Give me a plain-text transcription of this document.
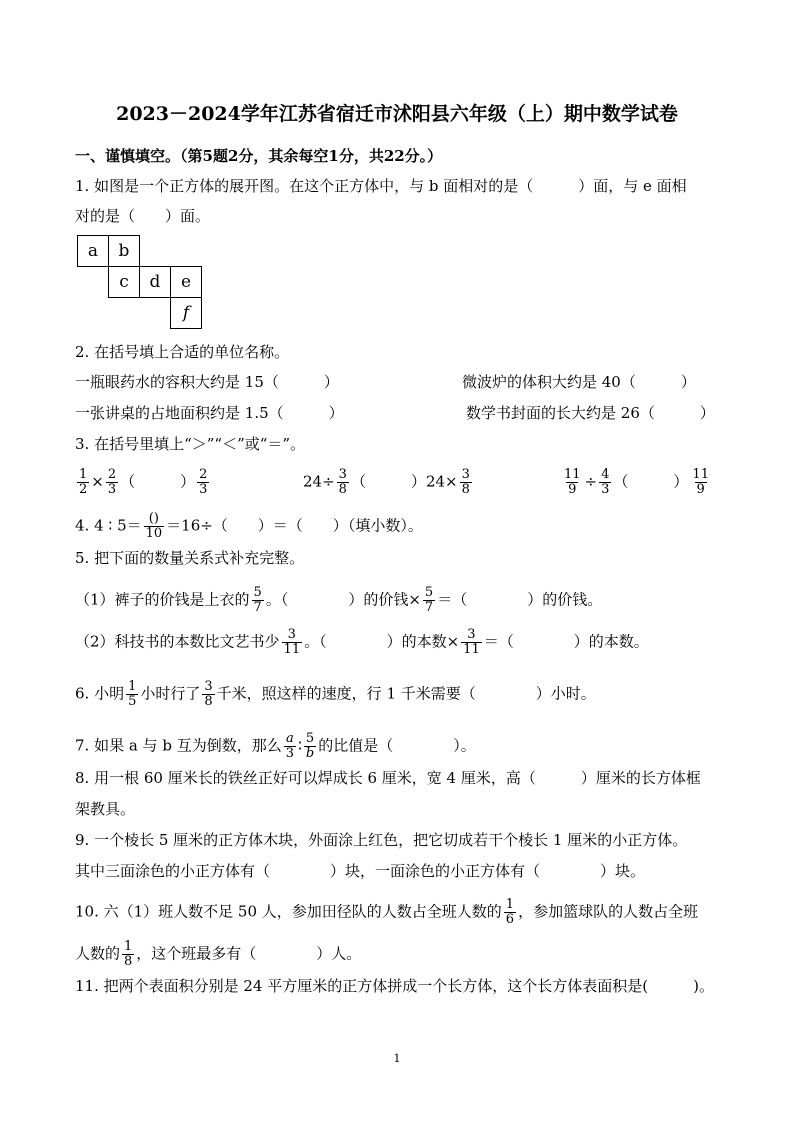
2023－2024学年江苏省宿迁市沭阳县六年级（上）期中数学试卷
一、谨慎填空。（第5题2分，其余每空1分，共22分。）
1. 如图是一个正方体的展开图。在这个正方体中，与 b 面相对的是（　　　）面，与 e 面相
对的是（　　）面。
a	b
c	d	e
f
2. 在括号填上合适的单位名称。
一瓶眼药水的容积大约是 15（　　　）	微波炉的体积大约是 40（　　　）
一张讲桌的占地面积约是 1.5（　　　）	数学书封面的长大约是 26（　　　）
3. 在括号里填上“＞”“＜”或“＝”。
$\frac{1}{2} \times \frac{2}{3}$ （　　　） $\frac{2}{3}$	$24\div \frac{3}{8}$ （　　　）$24\times \frac{3}{8}$	$\frac{11}{9} \div \frac{4}{3}$ （　　　） $\frac{11}{9}$
4. 4 ∶ $5= \frac{()}{10} =16\div$（　　）＝（　　）（填小数）。
5. 把下面的数量关系式补充完整。
（1）裤子的价钱是上衣的 $\frac{5}{7}$ 。（　　　　）的价钱× $\frac{5}{7}$ ＝（　　　　）的价钱。
（2）科技书的本数比文艺书少 $\frac{3}{11}$ 。（　　　　）的本数× $\frac{3}{11}$ ＝（　　　　）的本数。
6. 小明 $\frac{1}{5}$ 小时行了 $\frac{3}{8}$ 千米，照这样的速度，行 1 千米需要（　　　　）小时。
7. 如果 a 与 b 互为倒数，那么 $\frac{a}{3}$ ∶ $\frac{5}{b}$ 的比值是（　　　　）。
8. 用一根 60 厘米长的铁丝正好可以焊成长 6 厘米，宽 4 厘米，高（　　　）厘米的长方体框
架教具。
9. 一个棱长 5 厘米的正方体木块，外面涂上红色，把它切成若干个棱长 1 厘米的小正方体。
其中三面涂色的小正方体有（　　　　）块，一面涂色的小正方体有（　　　　）块。
10. 六（1）班人数不足 50 人，参加田径队的人数占全班人数的 $\frac{1}{6}$ ，参加篮球队的人数占全班
人数的 $\frac{1}{8}$ ，这个班最多有（　　　　）人。
11. 把两个表面积分别是 24 平方厘米的正方体拼成一个长方体，这个长方体表面积是(　　　)。
1
